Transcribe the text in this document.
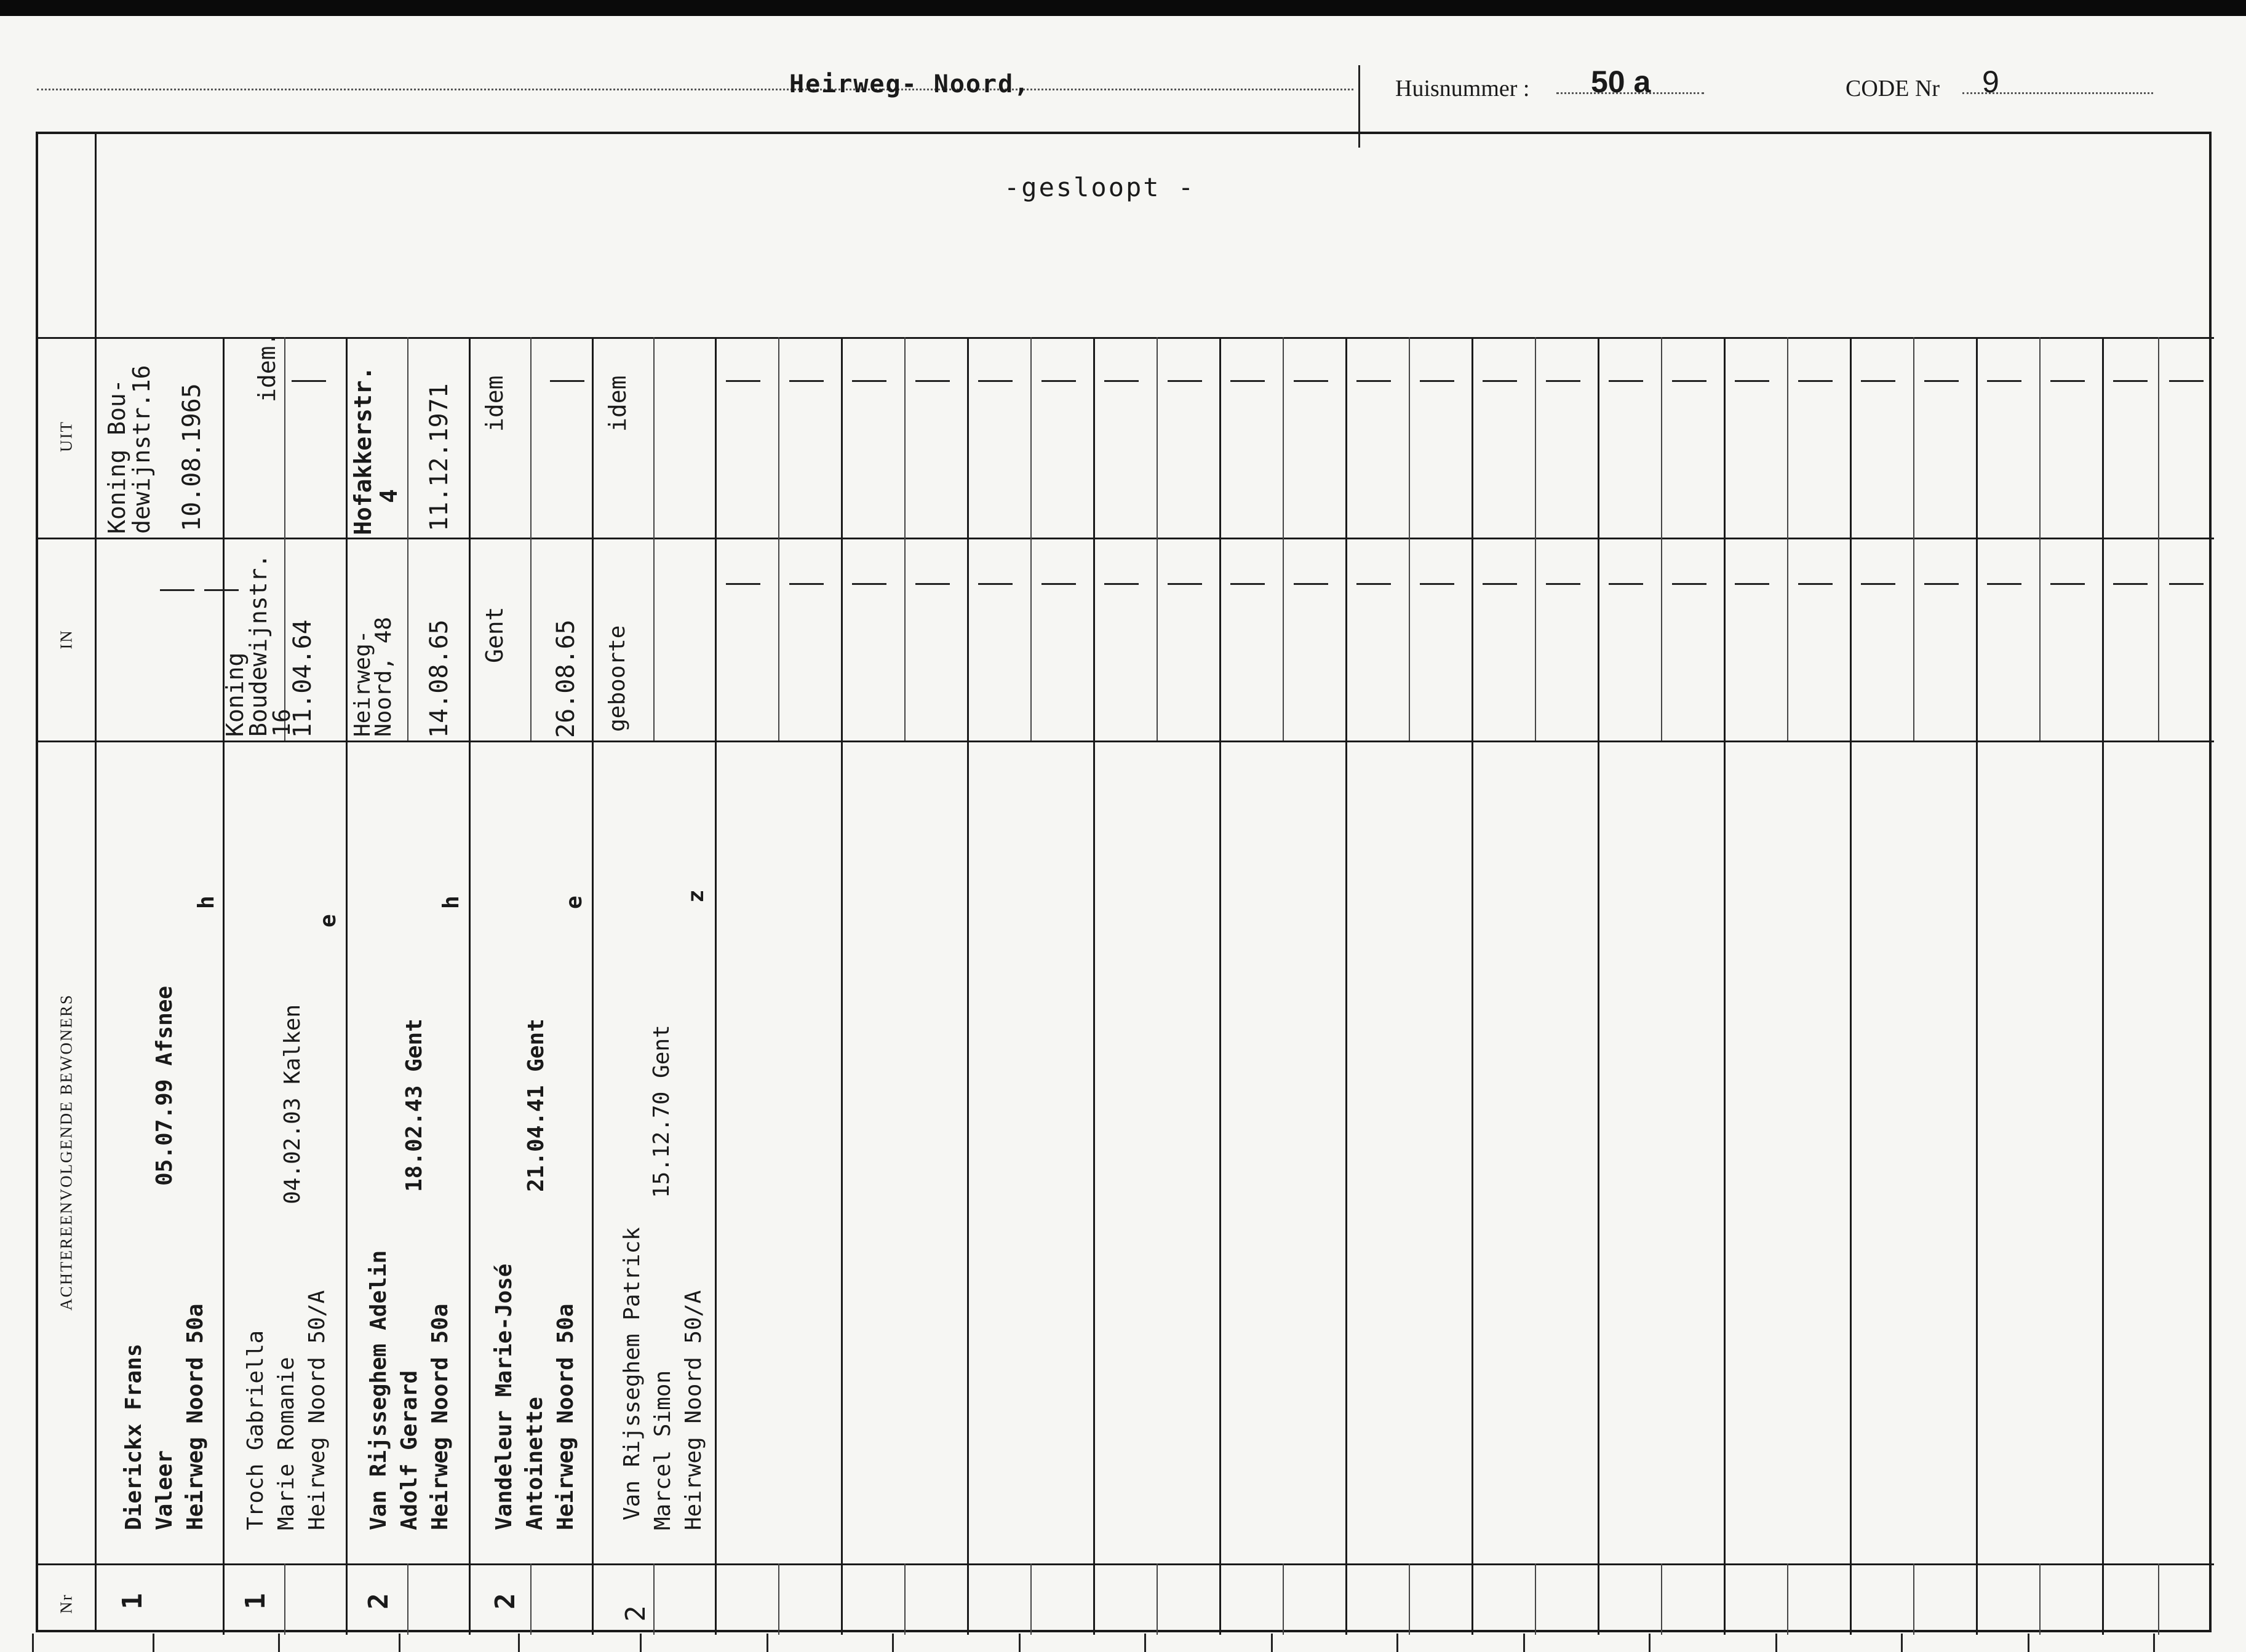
Heirweg- Noord,	Huisnummer : 50 a	CODE Nr 9
UIT
IN
ACHTEREENVOLGENDE BEWONERS
Nr
-gesloopt -
Koning Bou-
dewijnstr.16 10.08.1965
Dierickx Frans Valeer Heirweg Noord 50a
05.07.99 Afsnee
h
1
Koning
Boudewijnstr.
16
11.04.64
idem.
Troch Gabriella Marie Romanie Heirweg Noord 50/A
04.02.03 Kalken
e
1
Hofakkerstr.
4 11.12.1971
Heirweg-
Noord, 48 14.08.65
Van Rijsseghem Adelin Adolf Gerard Heirweg Noord 50a
18.02.43 Gent
h
2
idem
Gent 26.08.65
Vandeleur Marie-José Antoinette Heirweg Noord 50a
21.04.41 Gent
e
2
idem
geboorte
Van Rijsseghem Patrick Marcel Simon Heirweg Noord 50/A
15.12.70 Gent
z
2
